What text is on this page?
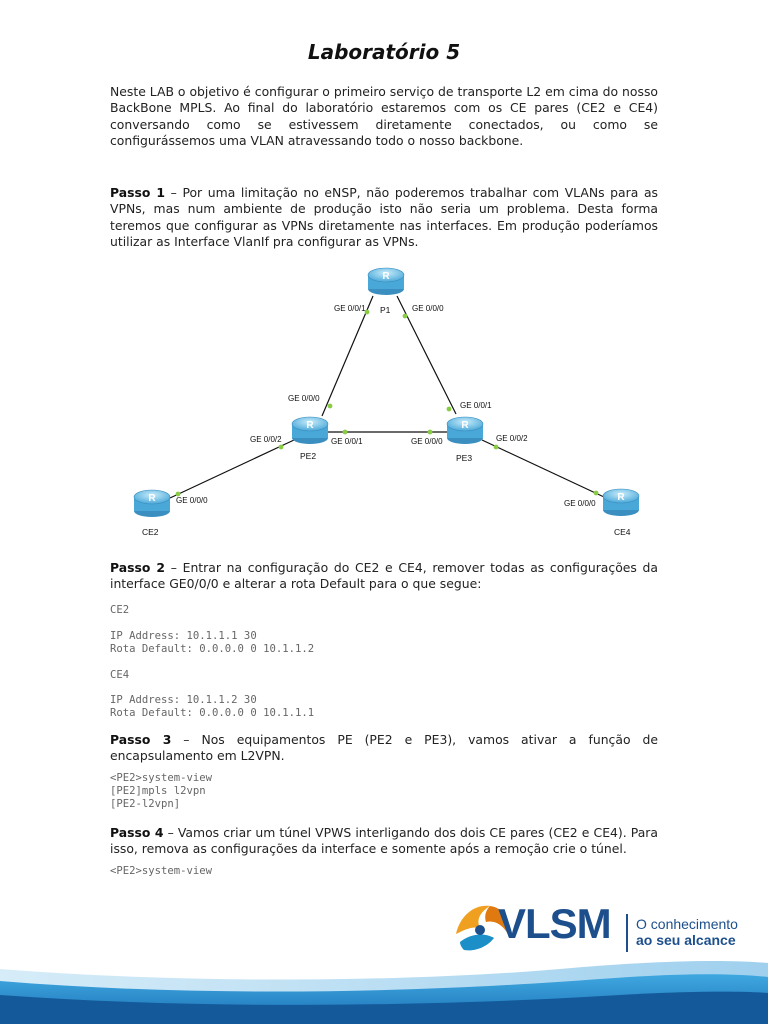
Laboratório 5
Neste LAB o objetivo é configurar o primeiro serviço de transporte L2 em cima do nosso BackBone MPLS. Ao final do laboratório estaremos com os CE pares (CE2 e CE4) conversando como se estivessem diretamente conectados, ou como se configurássemos uma VLAN atravessando todo o nosso backbone.
Passo 1 – Por uma limitação no eNSP, não poderemos trabalhar com VLANs para as VPNs, mas num ambiente de produção isto não seria um problema. Desta forma teremos que configurar as VPNs diretamente nas interfaces. Em produção poderíamos utilizar as Interface VlanIf pra configurar as VPNs.
R
R	R
R	R
P1
PE2	PE3
CE2	CE4
GE 0/0/1	GE 0/0/0
GE 0/0/0
GE 0/0/2	GE 0/0/1
GE 0/0/1
GE 0/0/0	GE 0/0/2
GE 0/0/0	GE 0/0/0
Passo 2 – Entrar na configuração do CE2 e CE4, remover todas as configurações da interface GE0/0/0 e alterar a rota Default para o que segue:
CE2
IP Address: 10.1.1.1 30
Rota Default: 0.0.0.0 0 10.1.1.2
CE4
IP Address: 10.1.1.2 30
Rota Default: 0.0.0.0 0 10.1.1.1
Passo 3 – Nos equipamentos PE (PE2 e PE3), vamos ativar a função de encapsulamento em L2VPN.
<PE2>system-view
[PE2]mpls l2vpn
[PE2-l2vpn]
Passo 4 – Vamos criar um túnel VPWS interligando dos dois CE pares (CE2 e CE4). Para isso, remova as configurações da interface e somente após a remoção crie o túnel.
<PE2>system-view
VLSM O conhecimento
ao seu alcance
